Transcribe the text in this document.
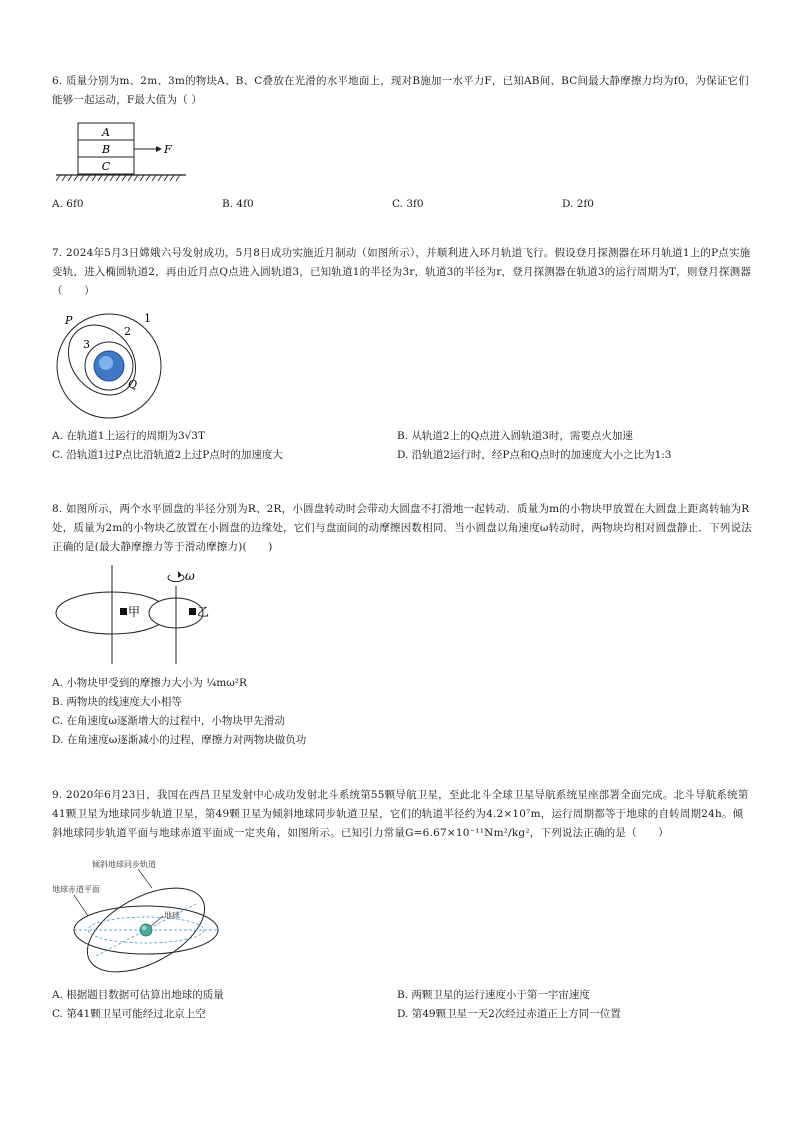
6. 质量分别为m、2m、3m的物块A、B、C叠放在光滑的水平地面上，现对B施加一水平力F，已知AB间、BC间最大静摩擦力均为f0，为保证它们能够一起运动，F最大值为（ ）
A
B
C
F
A. 6f0	B. 4f0	C. 3f0	D. 2f0
7. 2024年5月3日嫦娥六号发射成功，5月8日成功实施近月制动（如图所示），并顺利进入环月轨道飞行。假设登月探测器在环月轨道1上的P点实施变轨，进入椭圆轨道2，再由近月点Q点进入圆轨道3，已知轨道1的半径为3r，轨道3的半径为r，登月探测器在轨道3的运行周期为T，则登月探测器（　　）
P
Q
1
2
3
A. 在轨道1上运行的周期为3√3T	B. 从轨道2上的Q点进入圆轨道3时，需要点火加速
C. 沿轨道1过P点比沿轨道2上过P点时的加速度大	D. 沿轨道2运行时，经P点和Q点时的加速度大小之比为1:3
8. 如图所示，两个水平圆盘的半径分别为R、2R，小圆盘转动时会带动大圆盘不打滑地一起转动．质量为m的小物块甲放置在大圆盘上距离转轴为R处，质量为2m的小物块乙放置在小圆盘的边缘处，它们与盘面间的动摩擦因数相同．当小圆盘以角速度ω转动时，两物块均相对圆盘静止．下列说法正确的是(最大静摩擦力等于滑动摩擦力)(　　)
ω
甲	乙
A. 小物块甲受到的摩擦力大小为 ¼mω²R
B. 两物块的线速度大小相等
C. 在角速度ω逐渐增大的过程中，小物块甲先滑动
D. 在角速度ω逐渐减小的过程，摩擦力对两物块做负功
9. 2020年6月23日，我国在西昌卫星发射中心成功发射北斗系统第55颗导航卫星，至此北斗全球卫星导航系统星座部署全面完成。北斗导航系统第41颗卫星为地球同步轨道卫星，第49颗卫星为倾斜地球同步轨道卫星，它们的轨道半径约为4.2×10⁷m，运行周期都等于地球的自转周期24h。倾斜地球同步轨道平面与地球赤道平面成一定夹角，如图所示。已知引力常量G=6.67×10⁻¹¹Nm²/kg²，下列说法正确的是（　　）
倾斜地球同步轨道
地球赤道平面
地球
A. 根据题目数据可估算出地球的质量	B. 两颗卫星的运行速度小于第一宇宙速度
C. 第41颗卫星可能经过北京上空	D. 第49颗卫星一天2次经过赤道正上方同一位置
